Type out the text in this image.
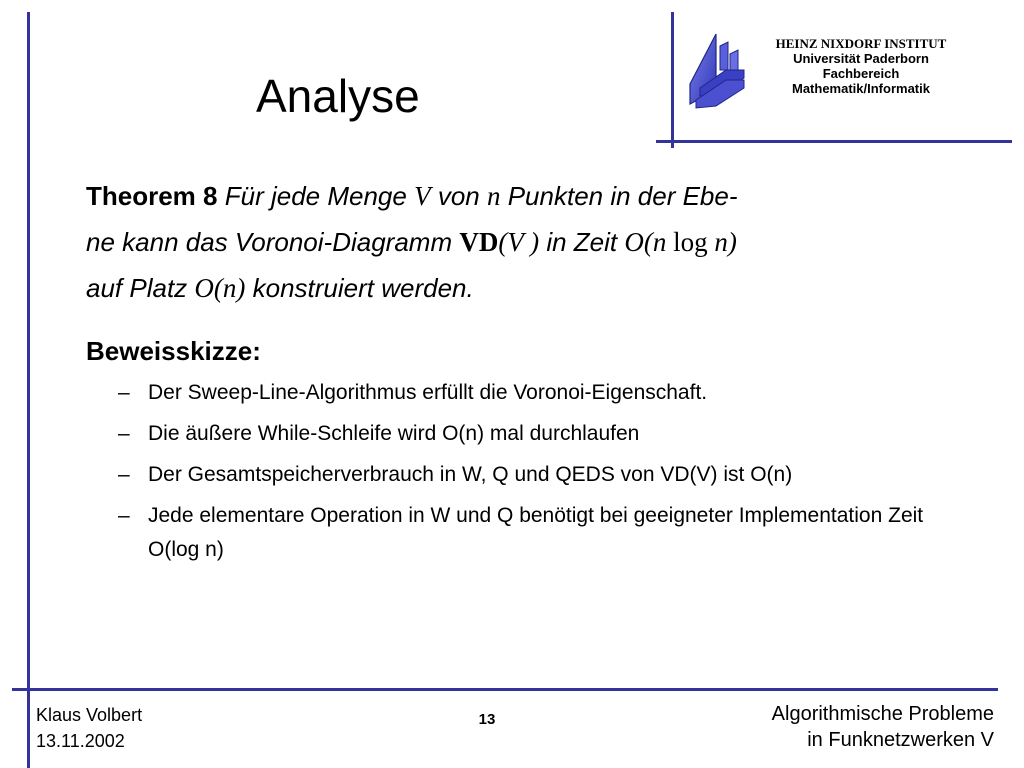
Analyse
HEINZ NIXDORF INSTITUT
Universität Paderborn
Fachbereich
Mathematik/Informatik
Theorem 8 Für jede Menge V von n Punkten in der Ebe-
ne kann das Voronoi-Diagramm VD(V ) in Zeit O(n log n)
auf Platz O(n) konstruiert werden.
Beweisskizze:
– Der Sweep-Line-Algorithmus erfüllt die Voronoi-Eigenschaft.
– Die äußere While-Schleife wird O(n) mal durchlaufen
– Der Gesamtspeicherverbrauch in W, Q und QEDS von VD(V) ist O(n)
– Jede elementare Operation in W und Q benötigt bei geeigneter Implementation Zeit O(log n)
Klaus Volbert
13.11.2002
13	Algorithmische Probleme
in Funknetzwerken V
